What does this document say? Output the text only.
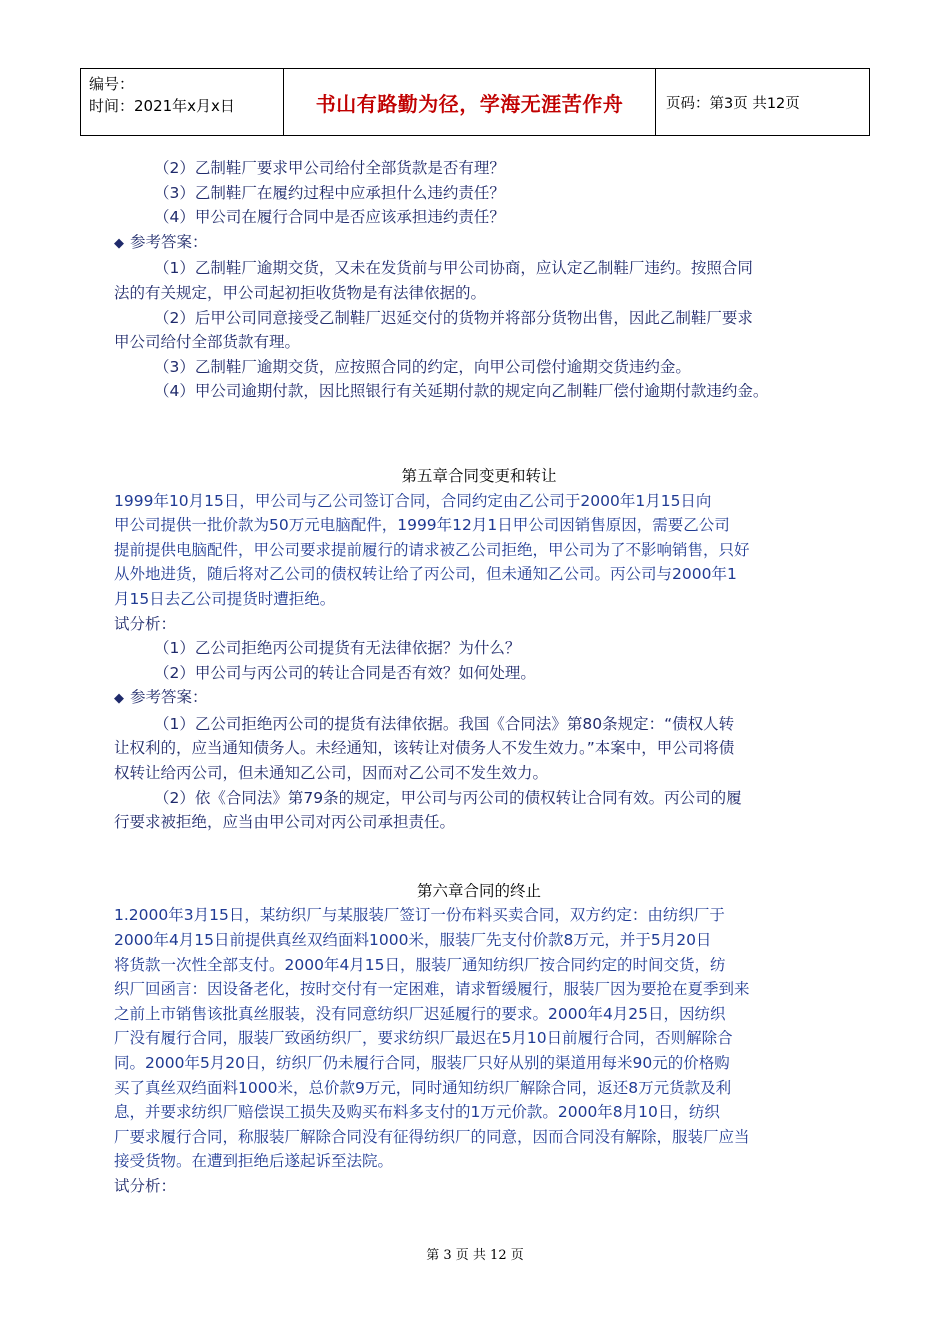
编号：
时间：2021年x月x日	书山有路勤为径，学海无涯苦作舟	页码：第3页 共12页

（2）乙制鞋厂要求甲公司给付全部货款是否有理？

（3）乙制鞋厂在履约过程中应承担什么违约责任？

（4）甲公司在履行合同中是否应该承担违约责任？

◆ 参考答案：

（1）乙制鞋厂逾期交货，又未在发货前与甲公司协商，应认定乙制鞋厂违约。按照合同

法的有关规定，甲公司起初拒收货物是有法律依据的。

（2）后甲公司同意接受乙制鞋厂迟延交付的货物并将部分货物出售，因此乙制鞋厂要求

甲公司给付全部货款有理。

（3）乙制鞋厂逾期交货，应按照合同的约定，向甲公司偿付逾期交货违约金。

（4）甲公司逾期付款，因比照银行有关延期付款的规定向乙制鞋厂偿付逾期付款违约金。

第五章合同变更和转让

1999年10月15日，甲公司与乙公司签订合同，合同约定由乙公司于2000年1月15日向

甲公司提供一批价款为50万元电脑配件，1999年12月1日甲公司因销售原因，需要乙公司

提前提供电脑配件，甲公司要求提前履行的请求被乙公司拒绝，甲公司为了不影响销售，只好

从外地进货，随后将对乙公司的债权转让给了丙公司，但未通知乙公司。丙公司与2000年1

月15日去乙公司提货时遭拒绝。

试分析：

（1）乙公司拒绝丙公司提货有无法律依据？为什么？

（2）甲公司与丙公司的转让合同是否有效？如何处理。

◆ 参考答案：

（1）乙公司拒绝丙公司的提货有法律依据。我国《合同法》第80条规定：“债权人转

让权利的，应当通知债务人。未经通知，该转让对债务人不发生效力。”本案中，甲公司将债

权转让给丙公司，但未通知乙公司，因而对乙公司不发生效力。

（2）依《合同法》第79条的规定，甲公司与丙公司的债权转让合同有效。丙公司的履

行要求被拒绝，应当由甲公司对丙公司承担责任。

第六章合同的终止

1.2000年3月15日，某纺织厂与某服装厂签订一份布料买卖合同，双方约定：由纺织厂于

2000年4月15日前提供真丝双绉面料1000米，服装厂先支付价款8万元，并于5月20日

将货款一次性全部支付。2000年4月15日，服装厂通知纺织厂按合同约定的时间交货，纺

织厂回函言：因设备老化，按时交付有一定困难，请求暂缓履行，服装厂因为要抢在夏季到来

之前上市销售该批真丝服装，没有同意纺织厂迟延履行的要求。2000年4月25日，因纺织

厂没有履行合同，服装厂致函纺织厂，要求纺织厂最迟在5月10日前履行合同，否则解除合

同。2000年5月20日，纺织厂仍未履行合同，服装厂只好从别的渠道用每米90元的价格购

买了真丝双绉面料1000米，总价款9万元，同时通知纺织厂解除合同，返还8万元货款及利

息，并要求纺织厂赔偿误工损失及购买布料多支付的1万元价款。2000年8月10日，纺织

厂要求履行合同，称服装厂解除合同没有征得纺织厂的同意，因而合同没有解除，服装厂应当

接受货物。在遭到拒绝后遂起诉至法院。

试分析：

第 3 页 共 12 页
